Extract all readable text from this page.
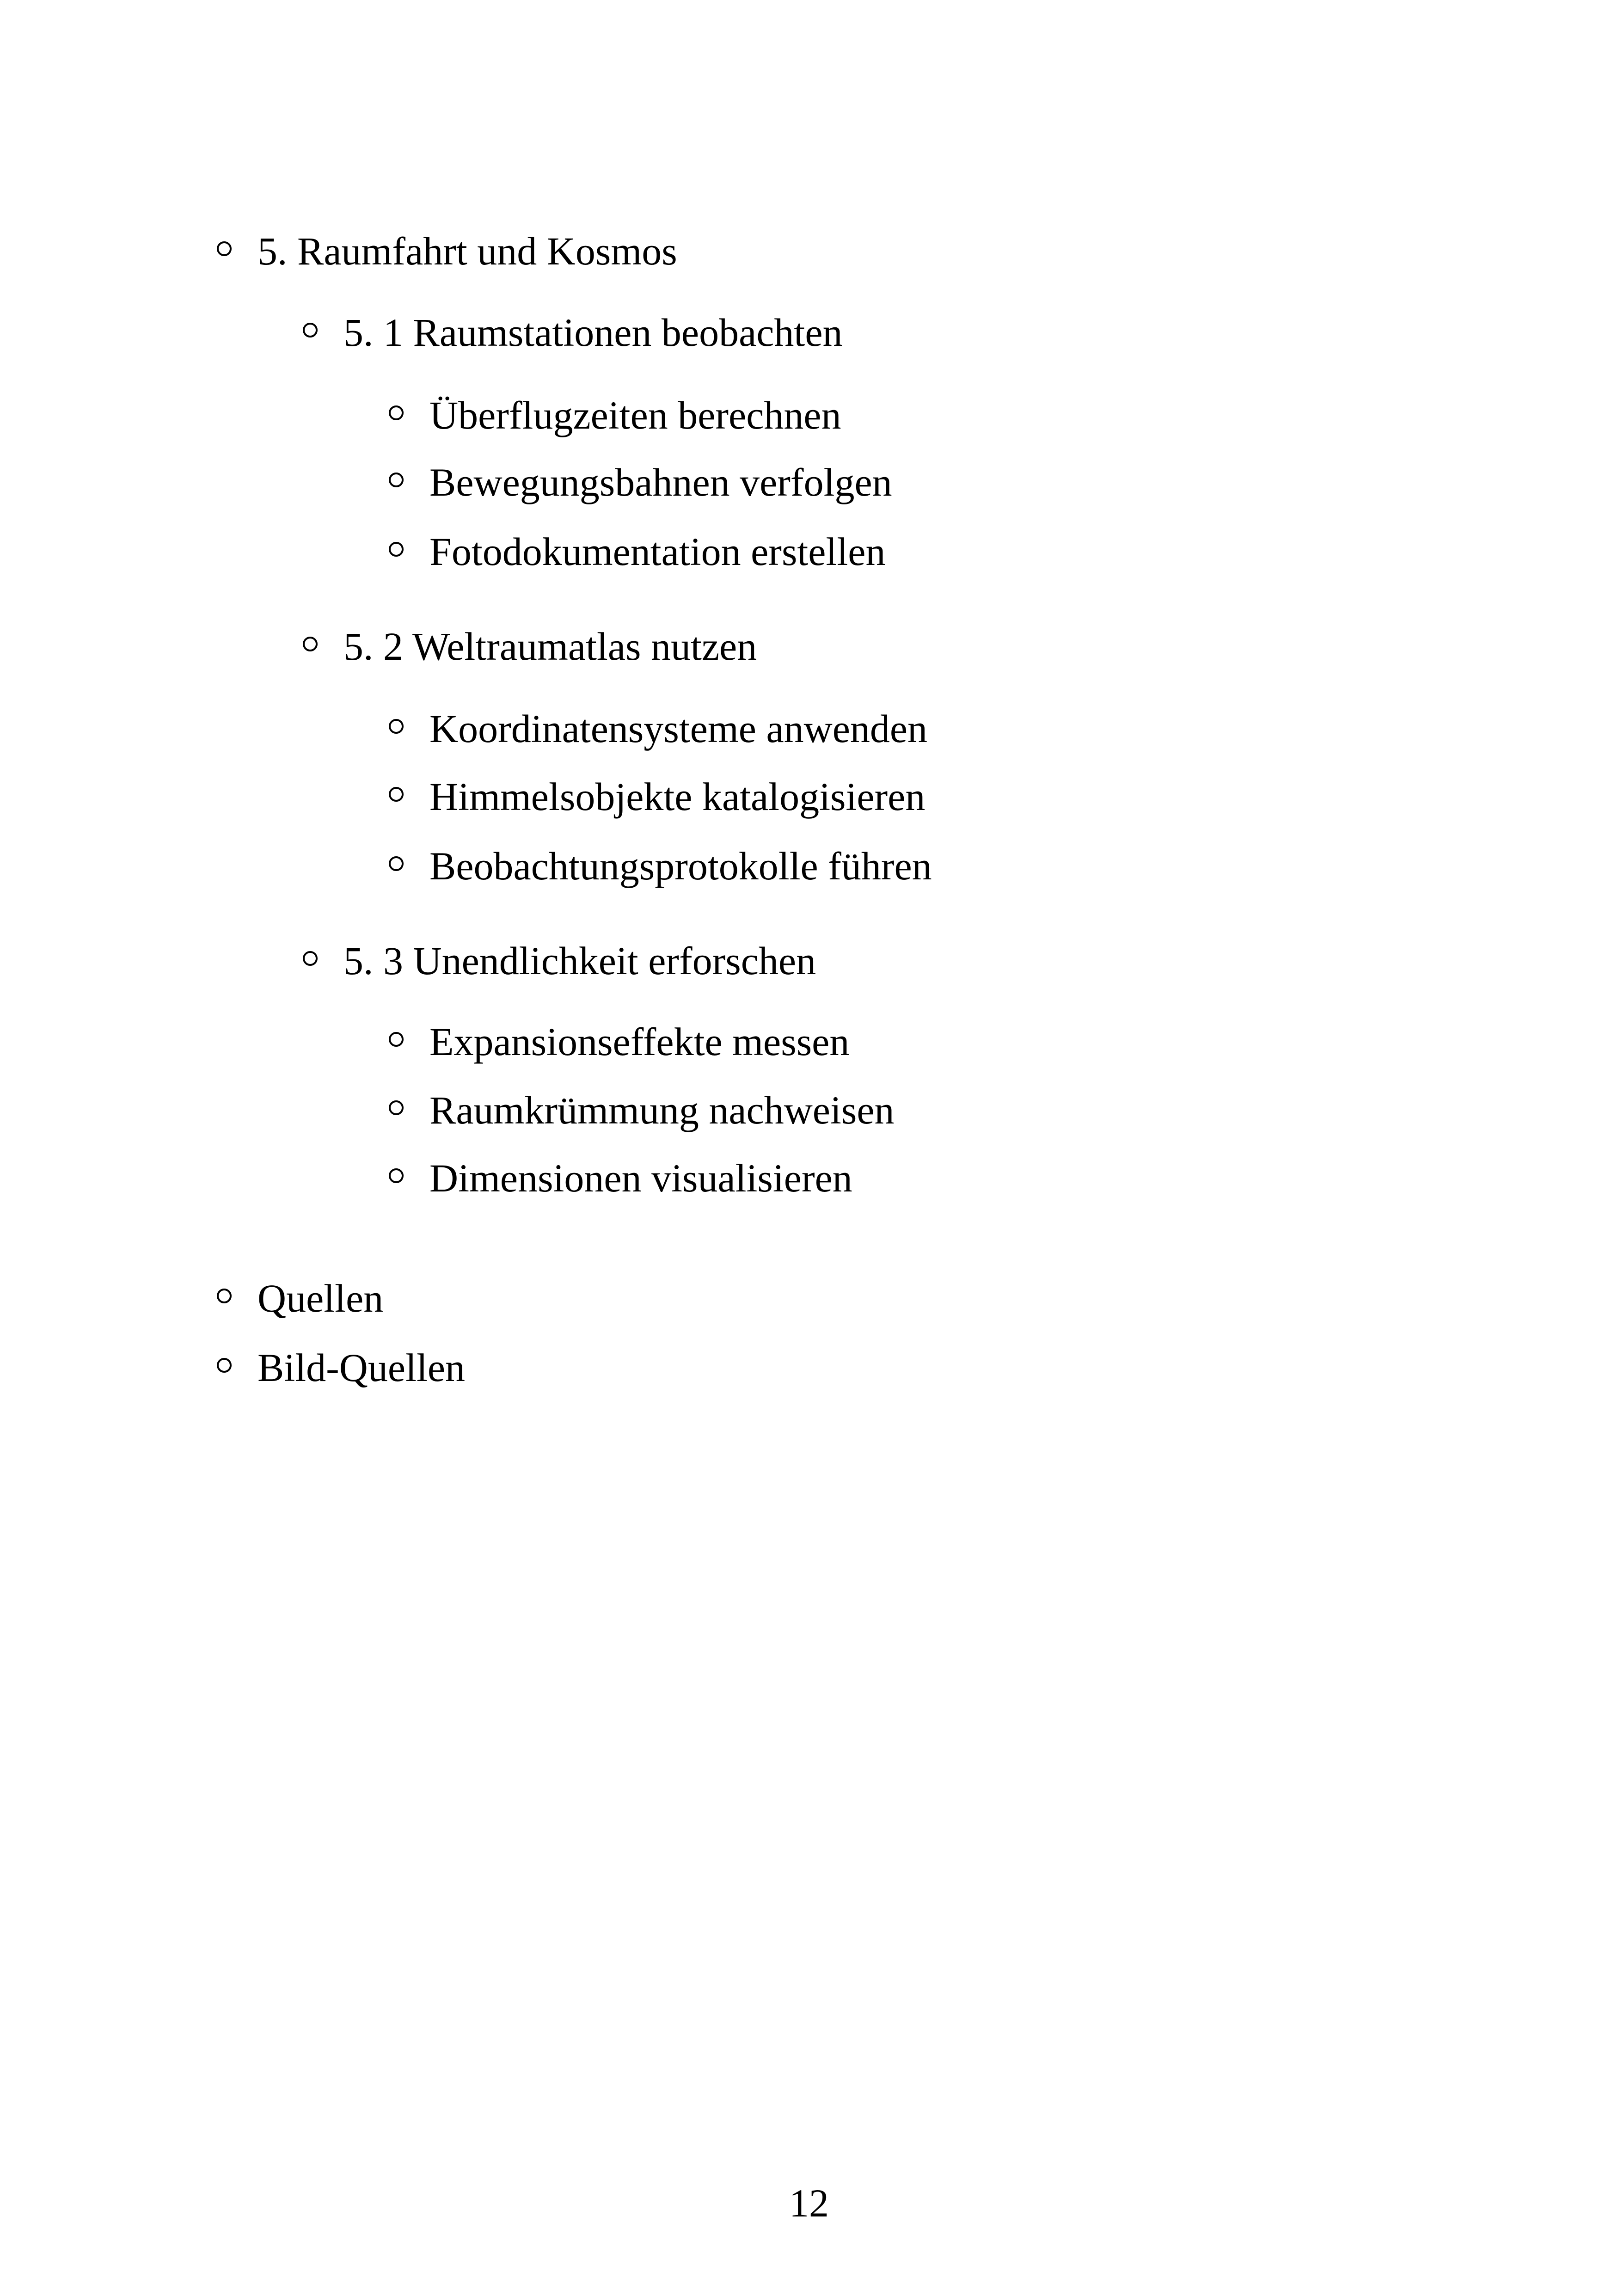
5. Raumfahrt und Kosmos
5. 1 Raumstationen beobachten
Überflugzeiten berechnen
Bewegungsbahnen verfolgen
Fotodokumentation erstellen
5. 2 Weltraumatlas nutzen
Koordinatensysteme anwenden
Himmelsobjekte katalogisieren
Beobachtungsprotokolle führen
5. 3 Unendlichkeit erforschen
Expansionseffekte messen
Raumkrümmung nachweisen
Dimensionen visualisieren
Quellen
Bild-Quellen
12
